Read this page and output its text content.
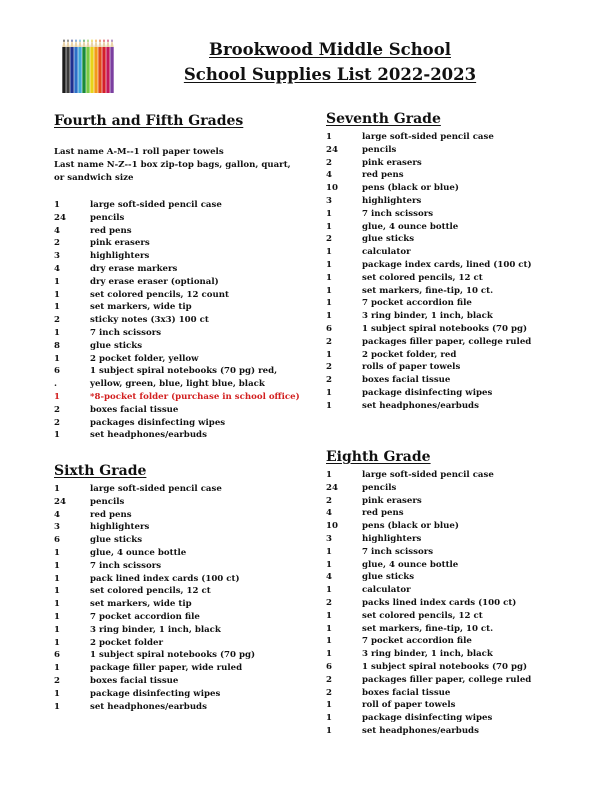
Brookwood Middle School
School Supplies List 2022-2023
Fourth and Fifth Grades
Last name A-M--1 roll paper towels
Last name N-Z--1 box zip-top bags, gallon, quart,
or sandwich size
1	large soft-sided pencil case
24	pencils
4	red pens
2	pink erasers
3	highlighters
4	dry erase markers
1	dry erase eraser (optional)
1	set colored pencils, 12 count
1	set markers, wide tip
2	sticky notes (3x3) 100 ct
1	7 inch scissors
8	glue sticks
1	2 pocket folder, yellow
6	1 subject spiral notebooks (70 pg) red,
.	yellow, green, blue, light blue, black
1	*8-pocket folder (purchase in school office)
2	boxes facial tissue
2	packages disinfecting wipes
1	set headphones/earbuds
Sixth Grade
1	large soft-sided pencil case
24	pencils
4	red pens
3	highlighters
6	glue sticks
1	glue, 4 ounce bottle
1	7 inch scissors
1	pack lined index cards (100 ct)
1	set colored pencils, 12 ct
1	set markers, wide tip
1	7 pocket accordion file
1	3 ring binder, 1 inch, black
1	2 pocket folder
6	1 subject spiral notebooks (70 pg)
1	package filler paper, wide ruled
2	boxes facial tissue
1	package disinfecting wipes
1	set headphones/earbuds
Seventh Grade
1	large soft-sided pencil case
24	pencils
2	pink erasers
4	red pens
10	pens (black or blue)
3	highlighters
1	7 inch scissors
1	glue, 4 ounce bottle
2	glue sticks
1	calculator
1	package index cards, lined (100 ct)
1	set colored pencils, 12 ct
1	set markers, fine-tip, 10 ct.
1	7 pocket accordion file
1	3 ring binder, 1 inch, black
6	1 subject spiral notebooks (70 pg)
2	packages filler paper, college ruled
1	2 pocket folder, red
2	rolls of paper towels
2	boxes facial tissue
1	package disinfecting wipes
1	set headphones/earbuds
Eighth Grade
1	large soft-sided pencil case
24	pencils
2	pink erasers
4	red pens
10	pens (black or blue)
3	highlighters
1	7 inch scissors
1	glue, 4 ounce bottle
4	glue sticks
1	calculator
2	packs lined index cards (100 ct)
1	set colored pencils, 12 ct
1	set markers, fine-tip, 10 ct.
1	7 pocket accordion file
1	3 ring binder, 1 inch, black
6	1 subject spiral notebooks (70 pg)
2	packages filler paper, college ruled
2	boxes facial tissue
1	roll of paper towels
1	package disinfecting wipes
1	set headphones/earbuds
